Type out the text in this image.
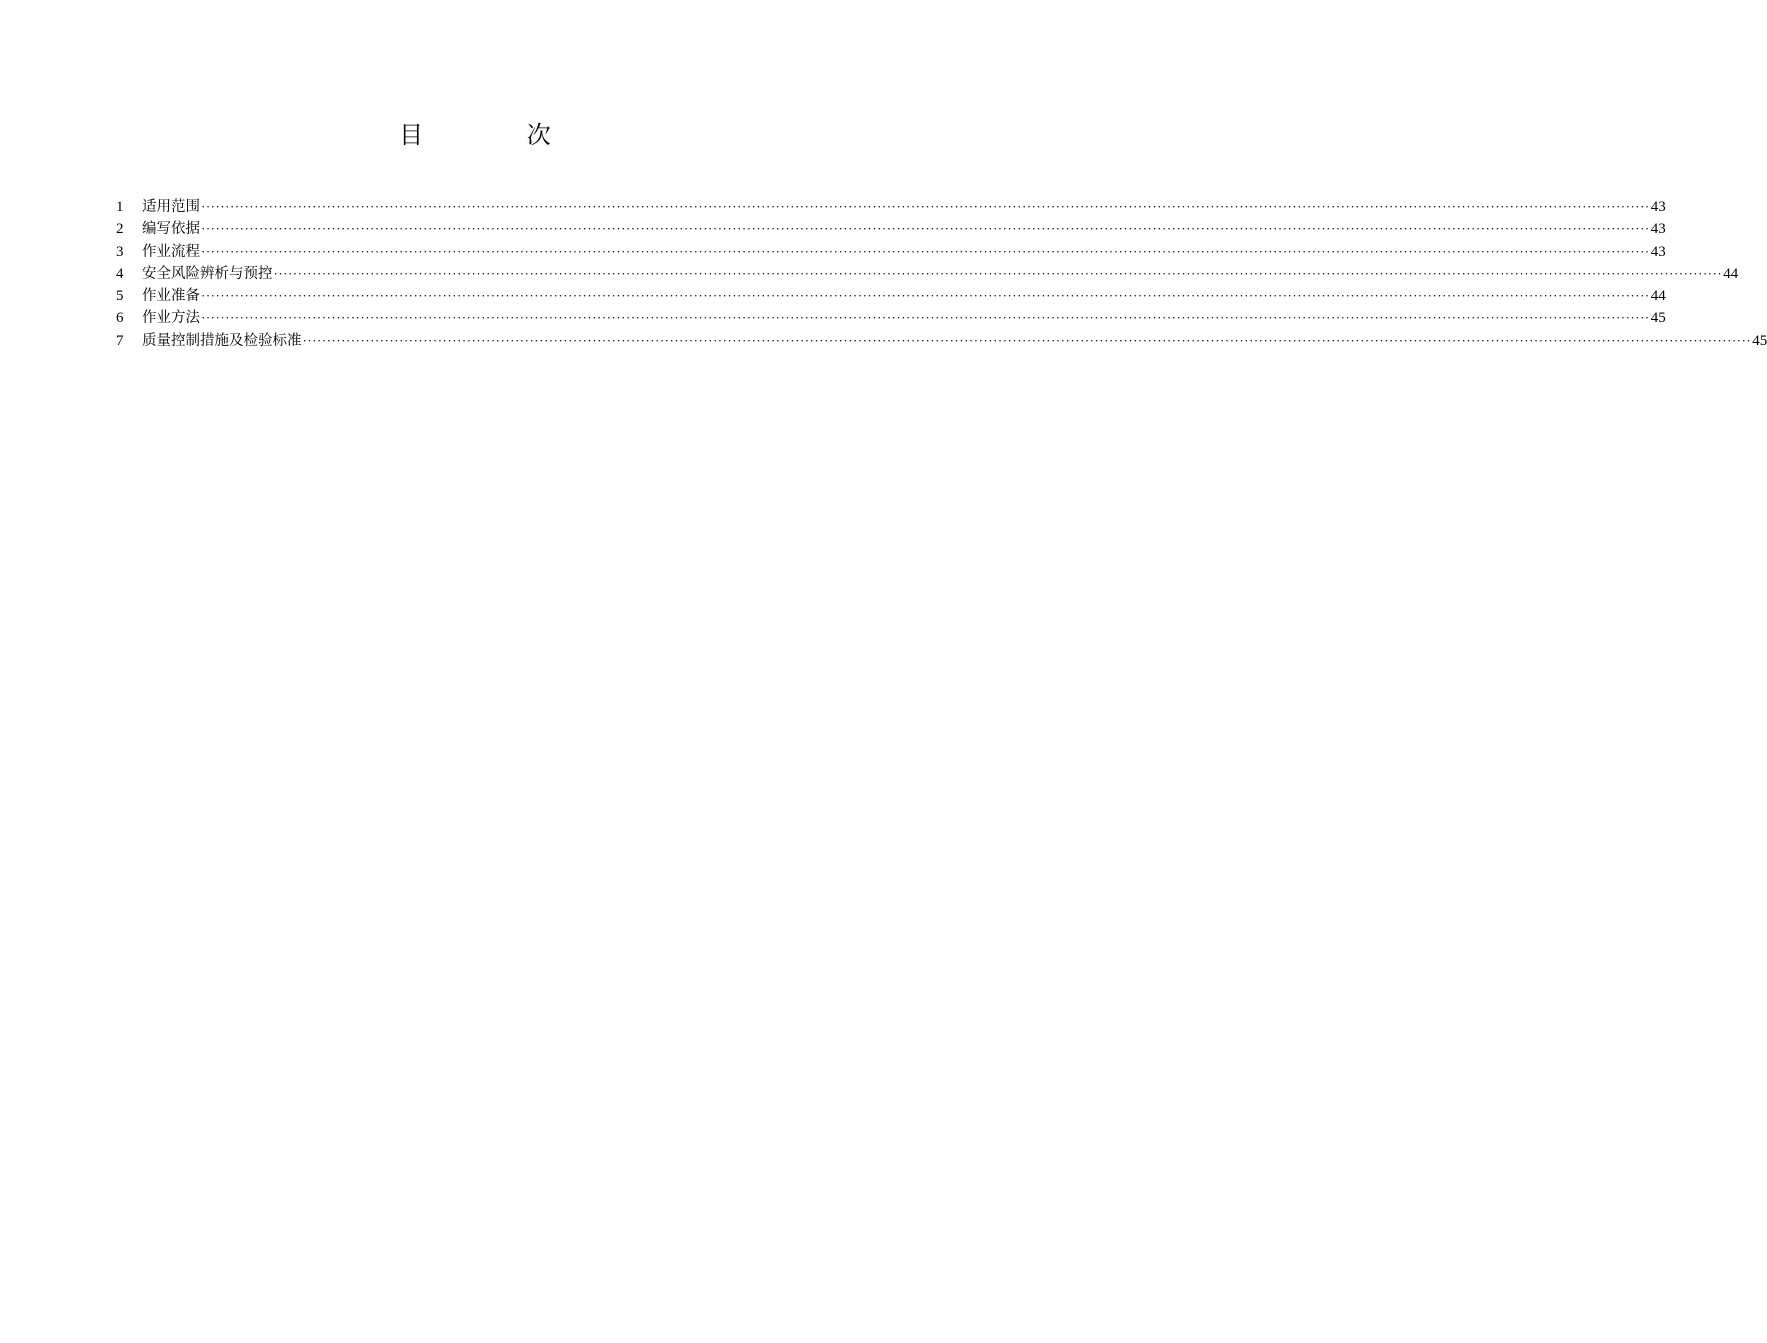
目 次
1	适用范围 ············································································································································································································································································································ 43
2	编写依据 ············································································································································································································································································································ 43
3	作业流程 ············································································································································································································································································································ 43
4	安全风险辨析与预控 ············································································································································································································································································································ 44
5	作业准备 ············································································································································································································································································································ 44
6	作业方法 ············································································································································································································································································································ 45
7	质量控制措施及检验标准 ············································································································································································································································································································ 45
